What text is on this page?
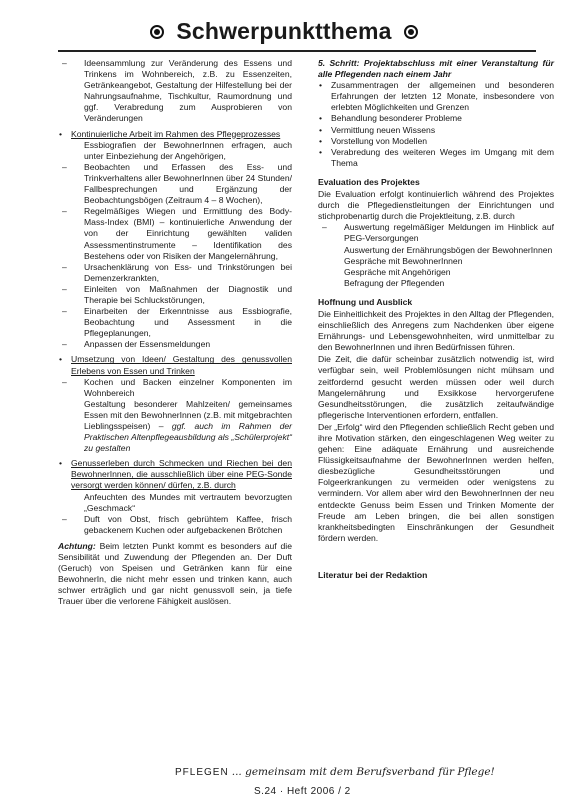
Schwerpunktthema
–	Ideensammlung zur Veränderung des Essens und Trinkens im Wohnbereich, z.B. zu Essenzeiten, Getränkeangebot, Gestaltung der Hilfestellung bei der Nahrungsaufnahme, Tischkultur, Raumordnung und ggf. Verabredung zum Ausprobieren von Veränderungen
• Kontinuierliche Arbeit im Rahmen des Pflegeprozesses
Essbiografien der BewohnerInnen erfragen, auch unter Einbeziehung der Angehörigen,
–	Beobachten und Erfassen des Ess- und Trinkverhaltens aller BewohnerInnen über 24 Stunden/ Fallbesprechungen und Ergänzung der Beobachtungsbögen (Zeitraum 4 – 8 Wochen),
–	Regelmäßiges Wiegen und Ermittlung des Body-Mass-Index (BMI) – kontinuierliche Anwendung der von der Einrichtung gewählten validen Assessmentinstrumente – Identifikation des Bestehens oder von Risiken der Mangelernährung,
–	Ursachenklärung von Ess- und Trinkstörungen bei Demenzerkrankten,
–	Einleiten von Maßnahmen der Diagnostik und Therapie bei Schluckstörungen,
–	Einarbeiten der Erkenntnisse aus Essbiografie, Beobachtung und Assessment in die Pflegeplanungen,
–	Anpassen der Essensmeldungen
• Umsetzung von Ideen/ Gestaltung des genussvollen Erlebens von Essen und Trinken
–	Kochen und Backen einzelner Komponenten im Wohnbereich
Gestaltung besonderer Mahlzeiten/ gemeinsames Essen mit den BewohnerInnen (z.B. mit mitgebrachten Lieblingsspeisen) – ggf. auch im Rahmen der Praktischen Altenpflegeausbildung als „Schülerprojekt“ zu gestalten
• Genusserleben durch Schmecken und Riechen bei den BewohnerInnen, die ausschließlich über eine PEG-Sonde versorgt werden können/ dürfen, z.B. durch
Anfeuchten des Mundes mit vertrautem bevorzugten „Geschmack“
–	Duft von Obst, frisch gebrühtem Kaffee, frisch gebackenem Kuchen oder aufgebackenen Brötchen
Achtung: Beim letzten Punkt kommt es besonders auf die Sensibilität und Zuwendung der Pflegenden an. Der Duft (Geruch) von Speisen und Getränken kann für eine BewohnerIn, die nicht mehr essen und trinken kann, auch schwer erträglich und gar nicht genussvoll sein, ja tiefe Trauer über die verlorene Fähigkeit auslösen.
5. Schritt: Projektabschluss mit einer Veranstaltung für alle Pflegenden nach einem Jahr
• Zusammentragen der allgemeinen und besonderen Erfahrungen der letzten 12 Monate, insbesondere von erlebten Möglichkeiten und Grenzen
• Behandlung besonderer Probleme
• Vermittlung neuen Wissens
• Vorstellung von Modellen
• Verabredung des weiteren Weges im Umgang mit dem Thema
Evaluation des Projektes
Die Evaluation erfolgt kontinuierlich während des Projektes durch die Pflegedienstleitungen der Einrichtungen und stichprobenartig durch die Projektleitung, z.B. durch
–	Auswertung regelmäßiger Meldungen im Hinblick auf PEG-Versorgungen
Auswertung der Ernährungsbögen der BewohnerInnen
Gespräche mit BewohnerInnen
Gespräche mit Angehörigen
Befragung der Pflegenden
Hoffnung und Ausblick
Die Einheitlichkeit des Projektes in den Alltag der Pflegenden, einschließlich des Anregens zum Nachdenken über eigene Ernährungs- und Lebensgewohnheiten, wird unmittelbar zu den BewohnerInnen und ihren Bedürfnissen führen.
Die Zeit, die dafür scheinbar zusätzlich notwendig ist, wird verfügbar sein, weil Problemlösungen nicht mühsam und zeitfordernd gesucht werden müssen oder weil durch Mangelernährung und Exsikkose hervorgerufene Gesundheitsstörungen, die zusätzlich zeitaufwändige pflegerische Interventionen erfordern, entfallen.
Der „Erfolg“ wird den Pflegenden schließlich Recht geben und ihre Motivation stärken, den eingeschlagenen Weg weiter zu gehen: Eine adäquate Ernährung und ausreichende Flüssigkeitsaufnahme der BewohnerInnen werden helfen, diesbezügliche Gesundheitsstörungen und Folgeerkrankungen zu vermeiden oder wenigstens zu vermindern. Vor allem aber wird den BewohnerInnen der neu entdeckte Genuss beim Essen und Trinken Momente der Freude am Leben bringen, die bei allen sonstigen krankheitsbedingten Einschränkungen der Gesundheit fördern werden.
Literatur bei der Redaktion
PFLEGEN ... gemeinsam mit dem Berufsverband für Pflege!
S.24 · Heft 2006 / 2
